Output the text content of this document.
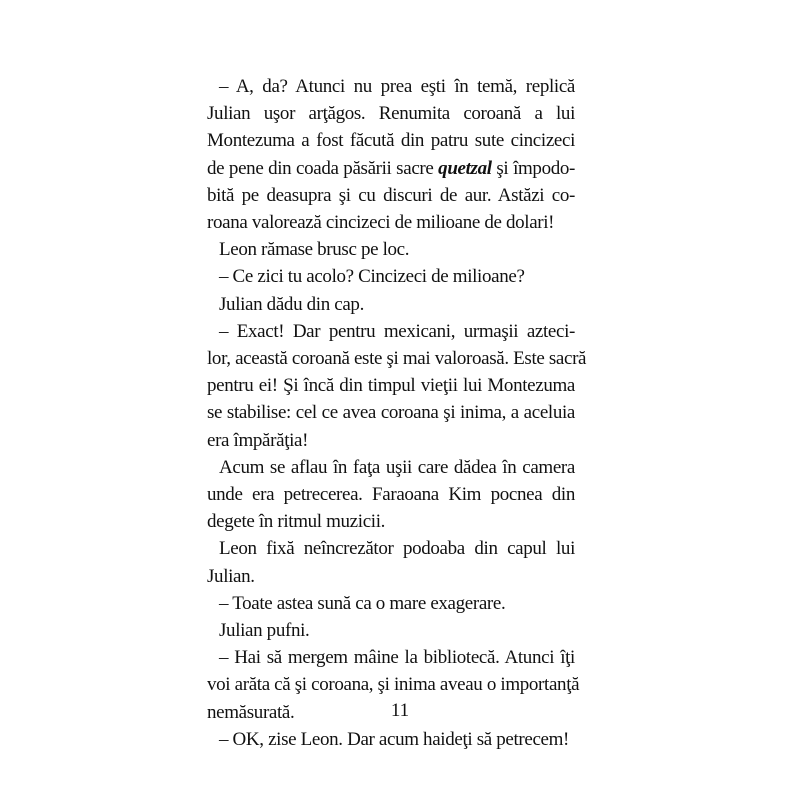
– A, da? Atunci nu prea eşti în temă, replică
Julian uşor arţăgos. Renumita coroană a lui
Montezuma a fost făcută din patru sute cincizeci
de pene din coada păsării sacre quetzal şi împodo-
bită pe deasupra şi cu discuri de aur. Astăzi co-
roana valorează cincizeci de milioane de dolari!
Leon rămase brusc pe loc.
– Ce zici tu acolo? Cincizeci de milioane?
Julian dădu din cap.
– Exact! Dar pentru mexicani, urmaşii aztеci-
lor, această coroană este şi mai valoroasă. Este sacră
pentru ei! Şi încă din timpul vieţii lui Montezuma
se stabilise: cel ce avea coroana şi inima, a aceluia
era împărăţia!
Acum se aflau în faţa uşii care dădea în camera
unde era petrecerea. Faraoana Kim pocnea din
degete în ritmul muzicii.
Leon fixă neîncrezător podoaba din capul lui
Julian.
– Toate astea sună ca o mare exagerare.
Julian pufni.
– Hai să mergem mâine la bibliotecă. Atunci îţi
voi arăta că şi coroana, şi inima aveau o importanţă
nemăsurată.
– OK, zise Leon. Dar acum haideţi să petrecem!
11
